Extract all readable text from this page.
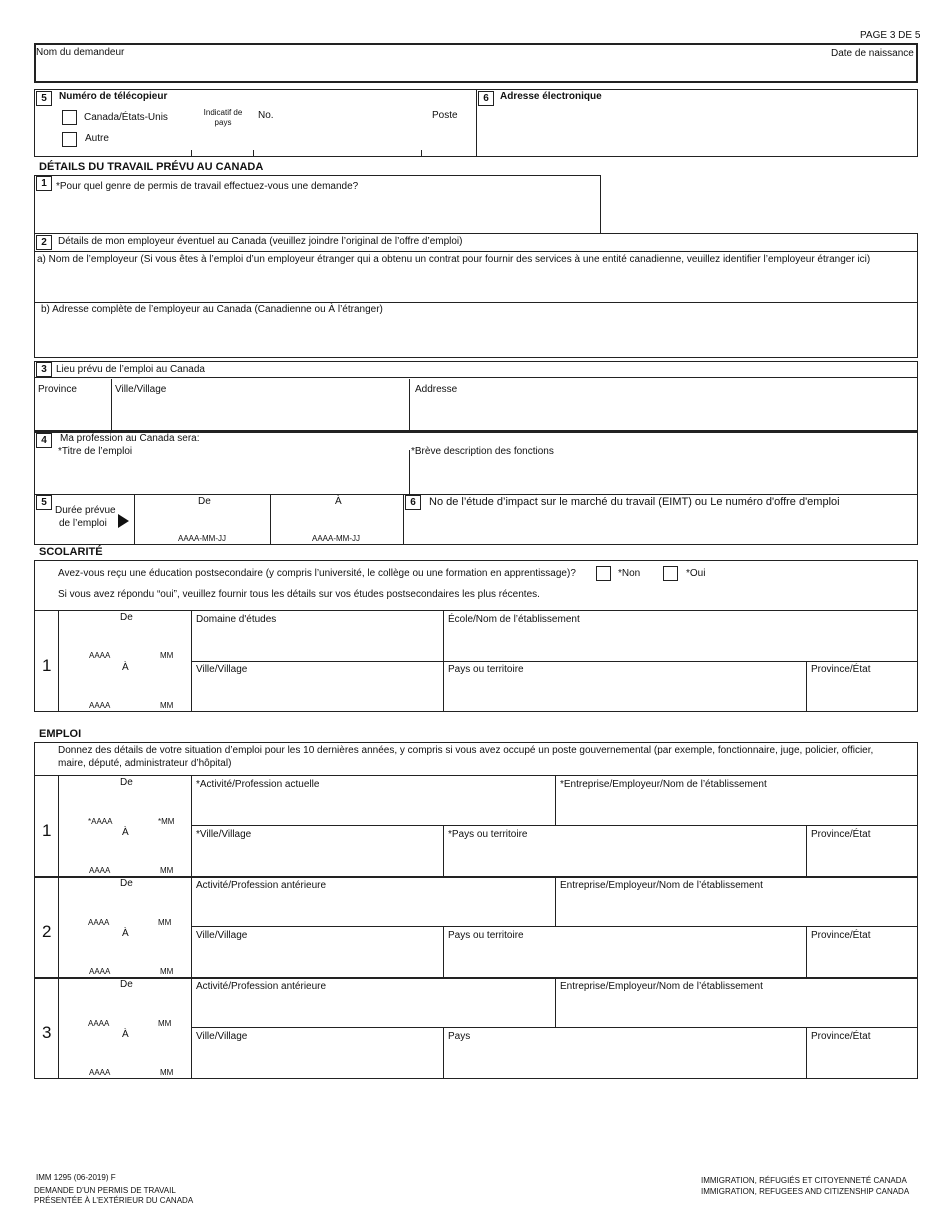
PAGE 3 DE 5
Nom du demandeur	Date de naissance
5	Numéro de télécopieur
Canada/États-Unis
Autre
Indicatif de
pays
No.	Poste
6	Adresse électronique
DÉTAILS DU TRAVAIL PRÉVU AU CANADA
1 *Pour quel genre de permis de travail effectuez-vous une demande?
2	Détails de mon employeur éventuel au Canada (veuillez joindre l’original de l’offre d’emploi)
a) Nom de l’employeur (Si vous êtes à l’emploi d’un employeur étranger qui a obtenu un contrat pour fournir des services à une entité canadienne, veuillez identifier l’employeur étranger ici)
b) Adresse complète de l’employeur au Canada (Canadienne ou À l’étranger)
3 Lieu prévu de l’emploi au Canada
Province	Ville/Village	Addresse
4	Ma profession au Canada sera:
*Titre de l’emploi	*Brève description des fonctions
5
Durée prévue
de l’emploi
De	À
AAAA-MM-JJ	AAAA-MM-JJ
6	No de l’étude d’impact sur le marché du travail (EIMT) ou Le numéro d'offre d'emploi
SCOLARITÉ
Avez-vous reçu une éducation postsecondaire (y compris l’université, le collège ou une formation en apprentissage)?	*Non	*Oui
Si vous avez répondu “oui”, veuillez fournir tous les détails sur vos études postsecondaires les plus récentes.
1
De
AAAA	MM
À
AAAA	MM
Domaine d'études	École/Nom de l’établissement
Ville/Village	Pays ou territoire	Province/État
EMPLOI
Donnez des détails de votre situation d’emploi pour les 10 dernières années, y compris si vous avez occupé un poste gouvernemental (par exemple, fonctionnaire, juge, policier, officier,
maire, député, administrateur d’hôpital)
1
De
*AAAA	*MM
À
AAAA	MM
*Activité/Profession actuelle	*Entreprise/Employeur/Nom de l’établissement
*Ville/Village	*Pays ou territoire	Province/État
2
De
AAAA	MM
À
AAAA	MM
Activité/Profession antérieure	Entreprise/Employeur/Nom de l’établissement
Ville/Village	Pays ou territoire	Province/État
3
De
AAAA	MM
À
AAAA	MM
Activité/Profession antérieure	Entreprise/Employeur/Nom de l’établissement
Ville/Village	Pays	Province/État
IMM 1295 (06-2019) F
DEMANDE D’UN PERMIS DE TRAVAIL
PRÉSENTÉE À L’EXTÉRIEUR DU CANADA
IMMIGRATION, RÉFUGIÉS ET CITOYENNETÉ CANADA
IMMIGRATION, REFUGEES AND CITIZENSHIP CANADA
